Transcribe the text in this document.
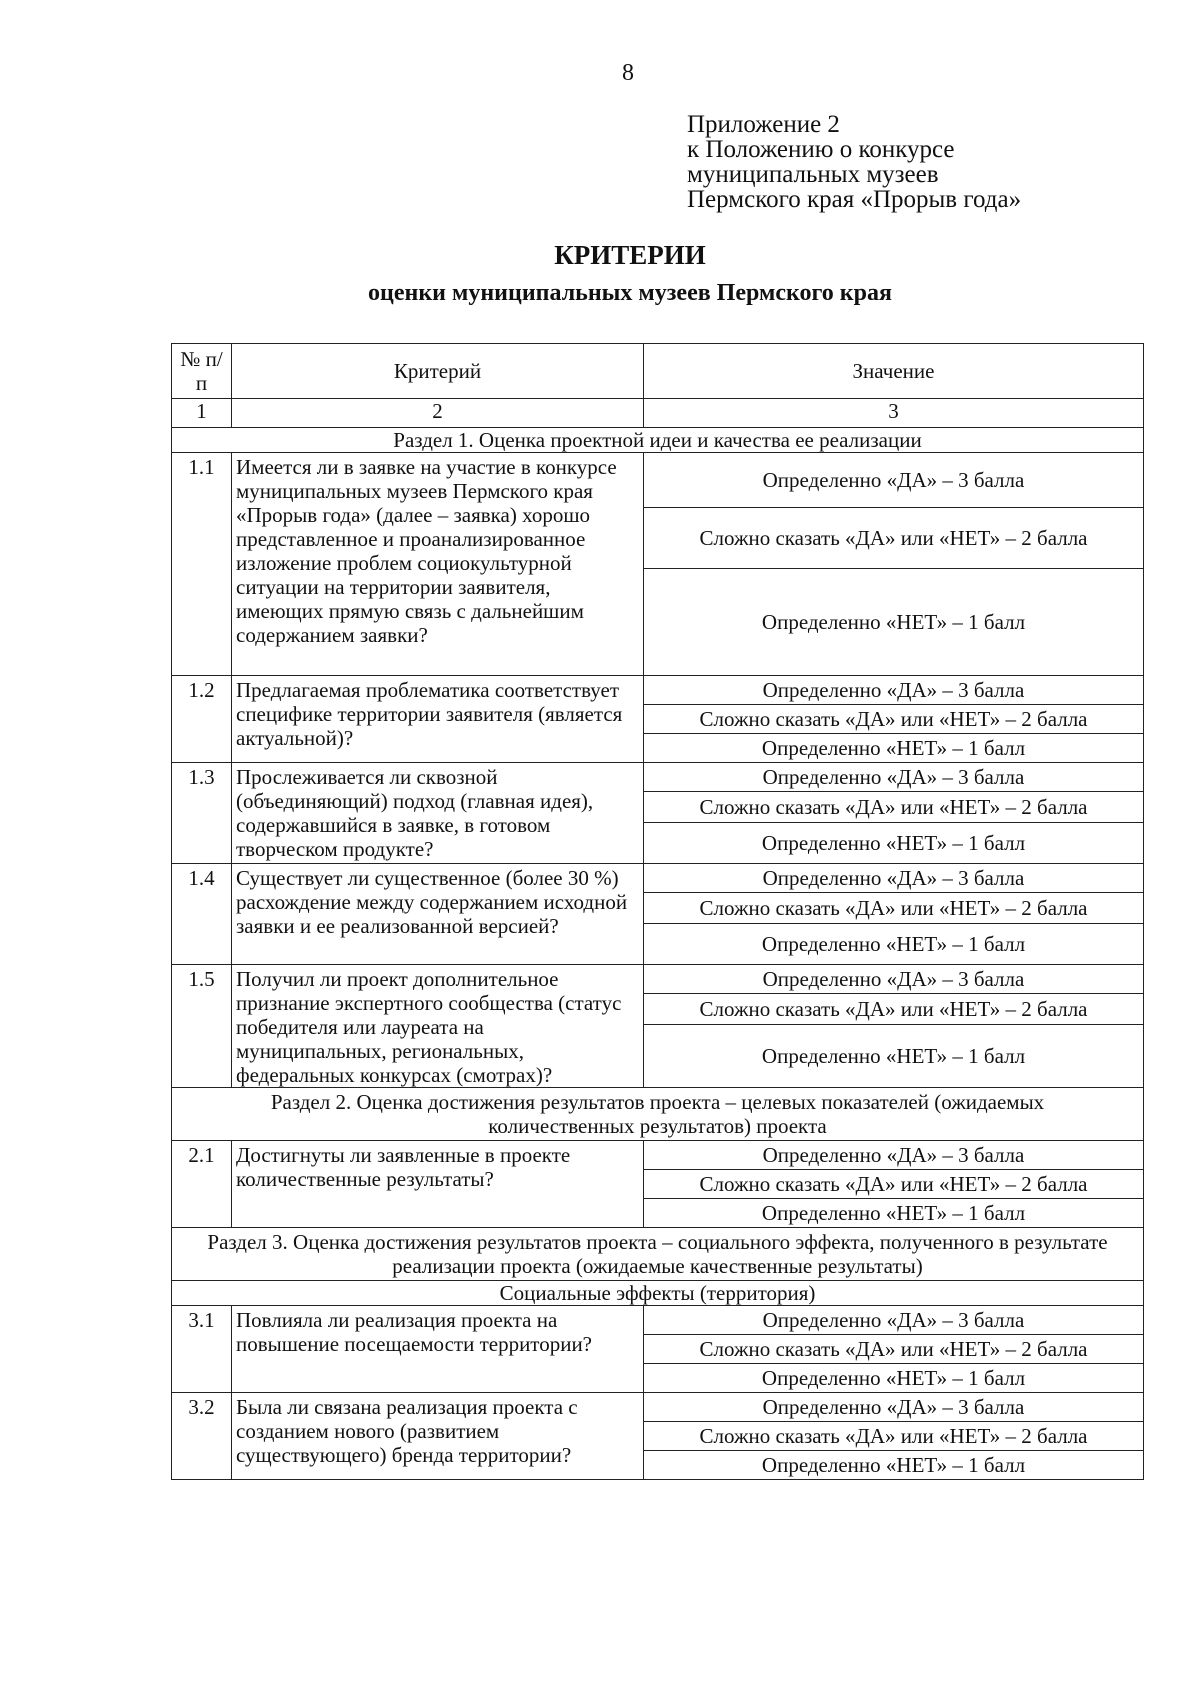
8
Приложение 2
к Положению о конкурсе
муниципальных музеев
Пермского края «Прорыв года»
КРИТЕРИИ
оценки муниципальных музеев Пермского края
№ п/п	Критерий	Значение
1	2	3
Раздел 1. Оценка проектной идеи и качества ее реализации		
1.1	Имеется ли в заявке на участие в конкурсе муниципальных музеев Пермского края «Прорыв года» (далее – заявка) хорошо представленное и проанализированное изложение проблем социокультурной ситуации на территории заявителя, имеющих прямую связь с дальнейшим содержанием заявки?	Определенно «ДА» – 3 балла
		Сложно сказать «ДА» или «НЕТ» – 2 балла
		Определенно «НЕТ» – 1 балл
1.2	Предлагаемая проблематика соответствует специфике территории заявителя (является актуальной)?	Определенно «ДА» – 3 балла
		Сложно сказать «ДА» или «НЕТ» – 2 балла
		Определенно «НЕТ» – 1 балл
1.3	Прослеживается ли сквозной (объединяющий) подход (главная идея), содержавшийся в заявке, в готовом творческом продукте?	Определенно «ДА» – 3 балла
		Сложно сказать «ДА» или «НЕТ» – 2 балла
		Определенно «НЕТ» – 1 балл
1.4	Существует ли существенное (более 30 %) расхождение между содержанием исходной заявки и ее реализованной версией?	Определенно «ДА» – 3 балла
		Сложно сказать «ДА» или «НЕТ» – 2 балла
		Определенно «НЕТ» – 1 балл
1.5	Получил ли проект дополнительное признание экспертного сообщества (статус победителя или лауреата на муниципальных, региональных, федеральных конкурсах (смотрах)?	Определенно «ДА» – 3 балла
		Сложно сказать «ДА» или «НЕТ» – 2 балла
		Определенно «НЕТ» – 1 балл
Раздел 2. Оценка достижения результатов проекта – целевых показателей (ожидаемых количественных результатов) проекта		
2.1	Достигнуты ли заявленные в проекте количественные результаты?	Определенно «ДА» – 3 балла
		Сложно сказать «ДА» или «НЕТ» – 2 балла
		Определенно «НЕТ» – 1 балл
Раздел 3. Оценка достижения результатов проекта – социального эффекта, полученного в результате реализации проекта (ожидаемые качественные результаты)		
Социальные эффекты (территория)		
3.1	Повлияла ли реализация проекта на повышение посещаемости территории?	Определенно «ДА» – 3 балла
		Сложно сказать «ДА» или «НЕТ» – 2 балла
		Определенно «НЕТ» – 1 балл
3.2	Была ли связана реализация проекта с созданием нового (развитием существующего) бренда территории?	Определенно «ДА» – 3 балла
		Сложно сказать «ДА» или «НЕТ» – 2 балла
		Определенно «НЕТ» – 1 балл
